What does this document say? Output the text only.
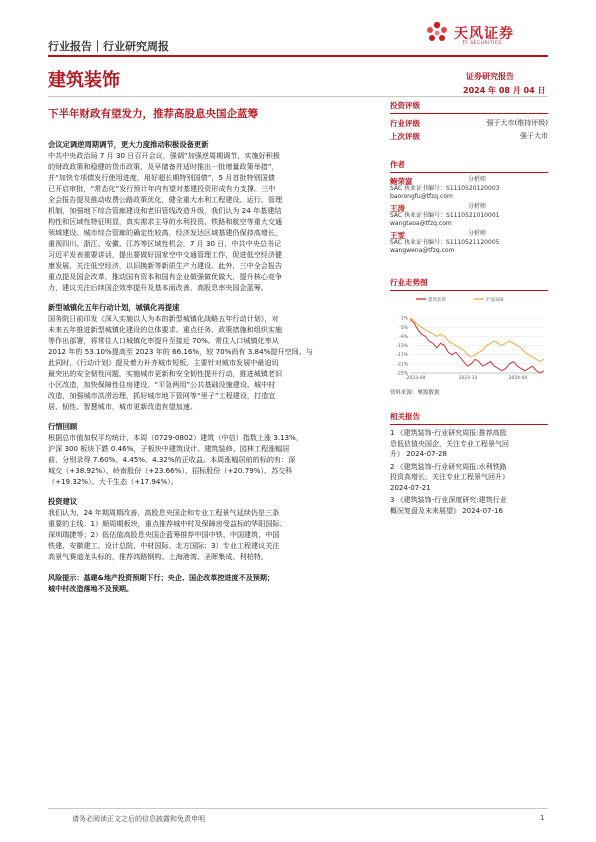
天风证券
TF SECURITIES
行业报告｜行业研究周报
建筑装饰	证券研究报告
2024 年 08 月 04 日
下半年财政有望发力，推荐高股息央国企蓝筹
会议定调逆周期调节，更大力度推动积极设备更新
中共中央政治局 7 月 30 日召开会议，强调“加强逆周期调节，实施好积极
的财政政策和稳健的货币政策，及早储备并适时推出一批增量政策举措”，
并“加快专项债发行使用进度，用好超长期特别国债”，5 月首批特别国债
已开启审批，“常态化”发行预计年内有望对基建投资形成有力支撑。三中
全会报告提及推动收费公路政策优化，健全重大水利工程建设、运行、管理
机制，加强地下综合管廊建设和老旧管线改造升级，我们认为 24 年基建结
构性和区域性特征明显，真实需求主导的水利投资、铁路和航空等重大交通
领域建设、城市综合管廊的确定性较高，经济发达区域基建仍保持高增长，
重视四川、浙江、安徽、江苏等区域性机会，7 月 30 日，中共中央总书记
习近平发表重要讲话，提出要做好国家空中交通管理工作，促进低空经济健
康发展，关注低空经济，以旧换新等新质生产力建设。此外，三中全会报告
重点提及国企改革，推动国有资本和国有企业做强做优做大，提升核心竞争
力，建议关注后续国企效率提升及基本面改善，高股息率央国企蓝筹。
新型城镇化五年行动计划，城镇化再提速
国务院日前印发《深入实施以人为本的新型城镇化战略五年行动计划》，对
未来五年推进新型城镇化建设的总体要求、重点任务、政策措施和组织实施
等作出部署，将常住人口城镇化率提升至接近 70%。常住人口城镇化率从
2012 年的 53.10%提高至 2023 年的 66.16%，较 70%尚有 3.84%提升空间。与
此同时，《行动计划》提及着力补齐城市短板，主要针对城市发展中最迫切
最突出的安全韧性问题，实施城市更新和安全韧性提升行动，推进城镇老旧
小区改造，加快保障性住房建设、“平急两用”公共基础设施建设、城中村
改造，加强城市洪涝治理，抓好城市地下管网等“里子”工程建设，打造宜
居、韧性、智慧城市，城市更新改造有望加速。
行情回顾
根据总市值加权平均统计，本周（0729-0802）建筑（中信）指数上涨 3.13%，
沪深 300 板块下跌 0.46%，子板块中建筑设计、建筑装修、园林工程涨幅居
前，分别录得 7.60%、4.45%、4.32%的正收益。本周涨幅居前的标的有：深
城交（+38.92%）、岭南股份（+23.66%）、招标股份（+20.79%）、苏交科
（+19.32%）、大千生态（+17.94%）。
投资建议
我们认为，24 年期周期改善，高股息央国企和专业工程景气延续仍是三条
重要的主线：1）顺周期板块，重点推荐城中村及保障房受益标的华阳国际、
深圳瑞捷等；2）低估值高股息央国企蓝筹推荐中国中铁、中国建筑、中国
铁建、安徽建工、设计总院、中材国际、北方国际；3）专业工程建议关注
高景气赛道龙头标的，推荐鸿路钢构、上海港湾、圣晖集成、利柏特。
风险提示：基建&地产投资预期下行；央企、国企改革控进度不及预期；
城中村改造落地不及预期。
投资评级
行业评级	强于大市(维持评级)
上次评级	强于大市
作者
鲍荣富	分析师
SAC 执业证书编号：S1110520120003
baorongfu@tfzq.com
王涛	分析师
SAC 执业证书编号：S1110521010001
wangtaoa@tfzq.com
王雯	分析师
SAC 执业证书编号：S1110521120005
wangwena@tfzq.com
行业走势图
-1%
-5%
-9%
-13%
-17%
-21%
-25%
2023-08	2023-12	2024-04
建筑装饰	沪深300
资料来源：聚源数据
相关报告
1 《建筑装饰-行业研究周报:推荐高股
息低估值央国企，关注专业工程景气回
升》 2024-07-28
2 《建筑装饰-行业研究周报:水利铁路
投资高增长，关注专业工程景气回升》
2024-07-21
3 《建筑装饰-行业深度研究:建筑行业
概况复盘及未来展望》 2024-07-16
请务必阅读正文之后的信息披露和免责申明	1
